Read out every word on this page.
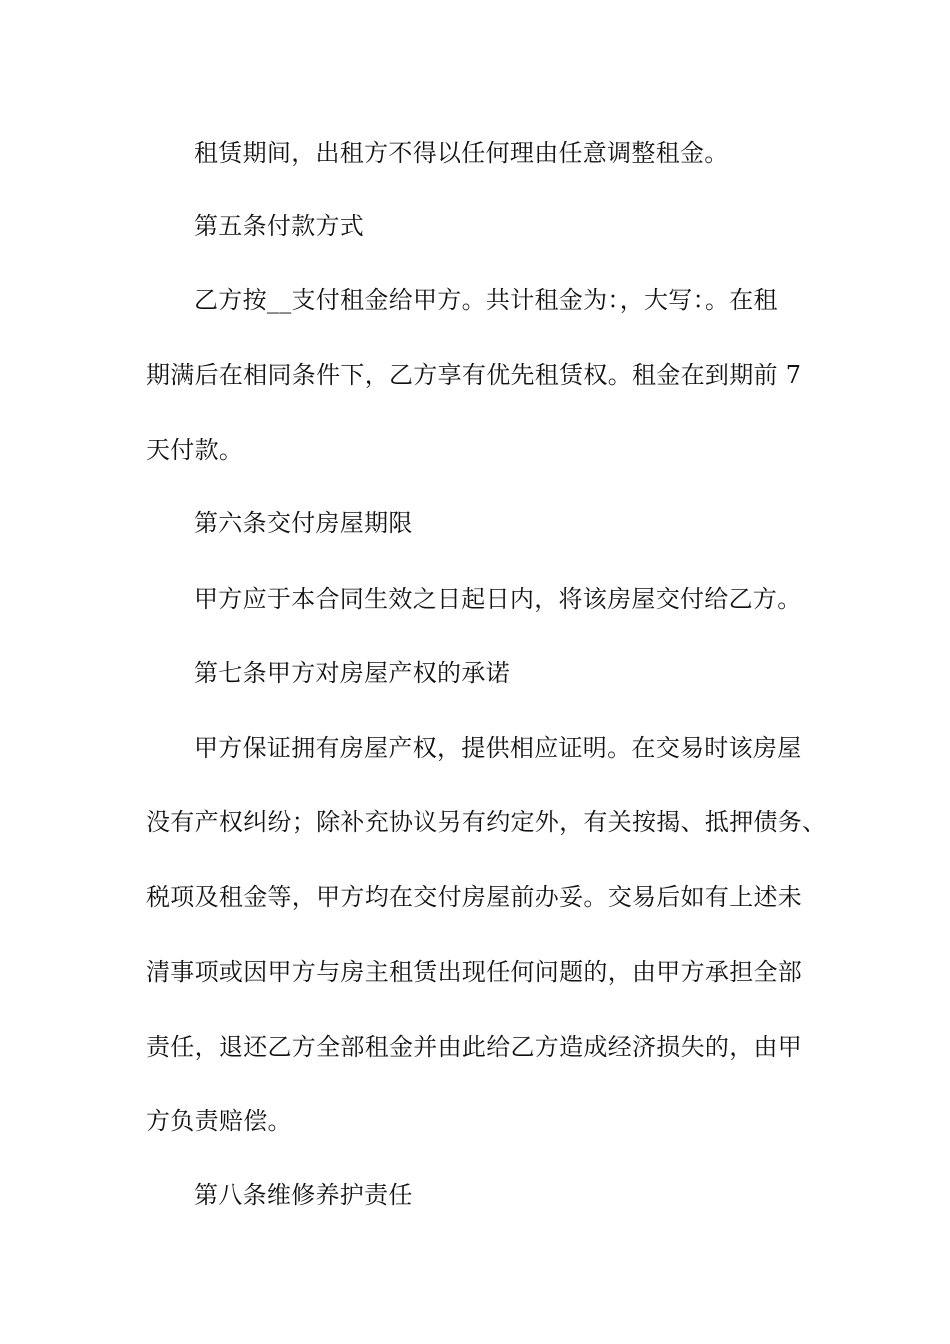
租赁期间，出租方不得以任何理由任意调整租金。
第五条付款方式
乙方按__支付租金给甲方。共计租金为：，大写：。在租
期满后在相同条件下，乙方享有优先租赁权。租金在到期前 7
天付款。
第六条交付房屋期限
甲方应于本合同生效之日起日内，将该房屋交付给乙方。
第七条甲方对房屋产权的承诺
甲方保证拥有房屋产权，提供相应证明。在交易时该房屋
没有产权纠纷；除补充协议另有约定外，有关按揭、抵押债务、
税项及租金等，甲方均在交付房屋前办妥。交易后如有上述未
清事项或因甲方与房主租赁出现任何问题的，由甲方承担全部
责任，退还乙方全部租金并由此给乙方造成经济损失的，由甲
方负责赔偿。
第八条维修养护责任
